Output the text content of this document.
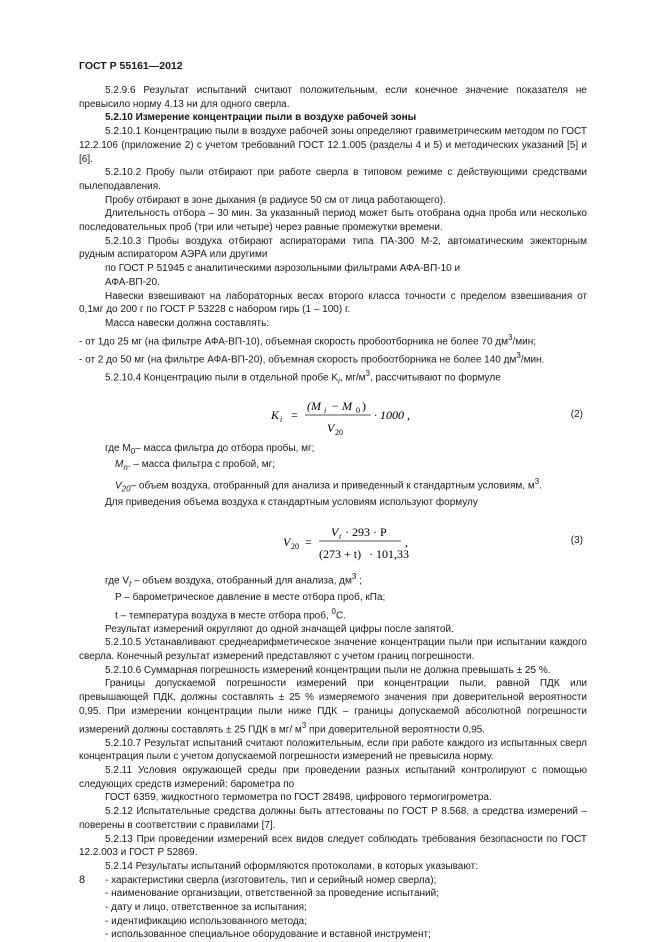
ГОСТ Р 55161—2012

5.2.9.6 Результат испытаний считают положительным, если конечное значение показателя не превысило норму 4.13 ни для одного сверла.

5.2.10 Измерение концентрации пыли в воздухе рабочей зоны

5.2.10.1 Концентрацию пыли в воздухе рабочей зоны определяют гравиметрическим методом по ГОСТ 12.2.106 (приложение 2) с учетом требований ГОСТ 12.1.005 (разделы 4 и 5) и методических указаний [5] и [6].

5.2.10.2 Пробу пыли отбирают при работе сверла в типовом режиме с действующими средствами пылеподавления.

Пробу отбирают в зоне дыхания (в радиусе 50 см от лица работающего).

Длительность отбора – 30 мин. За указанный период может быть отобрана одна проба или несколько последовательных проб (три или четыре) через равные промежутки времени.

5.2.10.3 Пробы воздуха отбирают аспираторами типа ПА-300 М-2, автоматическим эжекторным рудным аспиратором АЭРА или другими

по ГОСТ Р 51945 с аналитическими аэрозольными фильтрами АФА-ВП-10 и

АФА-ВП-20.

Навески взвешивают на лабораторных весах второго класса точности с пределом взвешивания от 0,1мг до 200 г по ГОСТ Р 53228 с набором гирь (1 – 100) г.

Масса навески должна составлять:

- от 1до 25 мг (на фильтре АФА-ВП-10), объемная скорость пробоотборника не более 70 $дм^3$/мин;

- от 2 до 50 мг (на фильтре АФА-ВП-20), объемная скорость пробоотборника не более 140 $дм^3$/мин.

5.2.10.4 Концентрацию пыли в отдельной пробе $K_i$, $мг/м^3$, рассчитывают по формуле

K i =
(M i − M 0 )
V 20
· 1000 ,	(2)

где $M_0-$ масса фильтра до отбора пробы, мг;

$M_n$. – масса фильтра с пробой, мг;

$V_{20}-$ объем воздуха, отобранный для анализа и приведенный к стандартным условиям, $м^3$.

Для приведения объема воздуха к стандартным условиям используют формулу

V 20 =
V t · 293 · P
(273 + t) · 101,33
,	(3)

где $V_t$ – объем воздуха, отобранный для анализа, $дм^3$ ;

P – барометрическое давление в месте отбора проб, кПа;

t – температура воздуха в месте отбора проб, $^0$С.

Результат измерений округляют до одной значащей цифры после запятой.

5.2.10.5 Устанавливают среднеарифметическое значение концентрации пыли при испытании каждого сверла. Конечный результат измерений представляют с учетом границ погрешности.

5.2.10.6 Суммарная погрешность измерений концентрации пыли не должна превышать ± 25 %.

Границы допускаемой погрешности измерений при концентрации пыли, равной ПДК или превышающей ПДК, должны составлять ± 25 % измеряемого значения при доверительной вероятности 0,95. При измерении концентрации пыли ниже ПДК – границы допускаемой абсолютной погрешности измерений должны составлять ± 25 ПДК в мг/ $м^3$ при доверительной вероятности 0,95.

5.2.10.7 Результат испытаний считают положительным, если при работе каждого из испытанных сверл концентрация пыли с учетом допускаемой погрешности измерений не превысила норму.

5.2.11 Условия окружающей среды при проведении разных испытаний контролируют с помощью следующих средств измерений: барометра по

ГОСТ 6359, жидкостного термометра по ГОСТ 28498, цифрового термогигрометра.

5.2.12 Испытательные средства должны быть аттестованы по ГОСТ Р 8.568, а средства измерений – поверены в соответствии с правилами [7].

5.2.13 При проведении измерений всех видов следует соблюдать требования безопасности по ГОСТ 12.2.003 и ГОСТ Р 52869.

5.2.14 Результаты испытаний оформляются протоколами, в которых указывают:

- характеристики сверла (изготовитель, тип и серийный номер сверла);

- наименование организации, ответственной за проведение испытаний;

- дату и лицо, ответственное за испытания;

- идентификацию использованного метода;

- использованное специальное оборудование и вставной инструмент;

8
